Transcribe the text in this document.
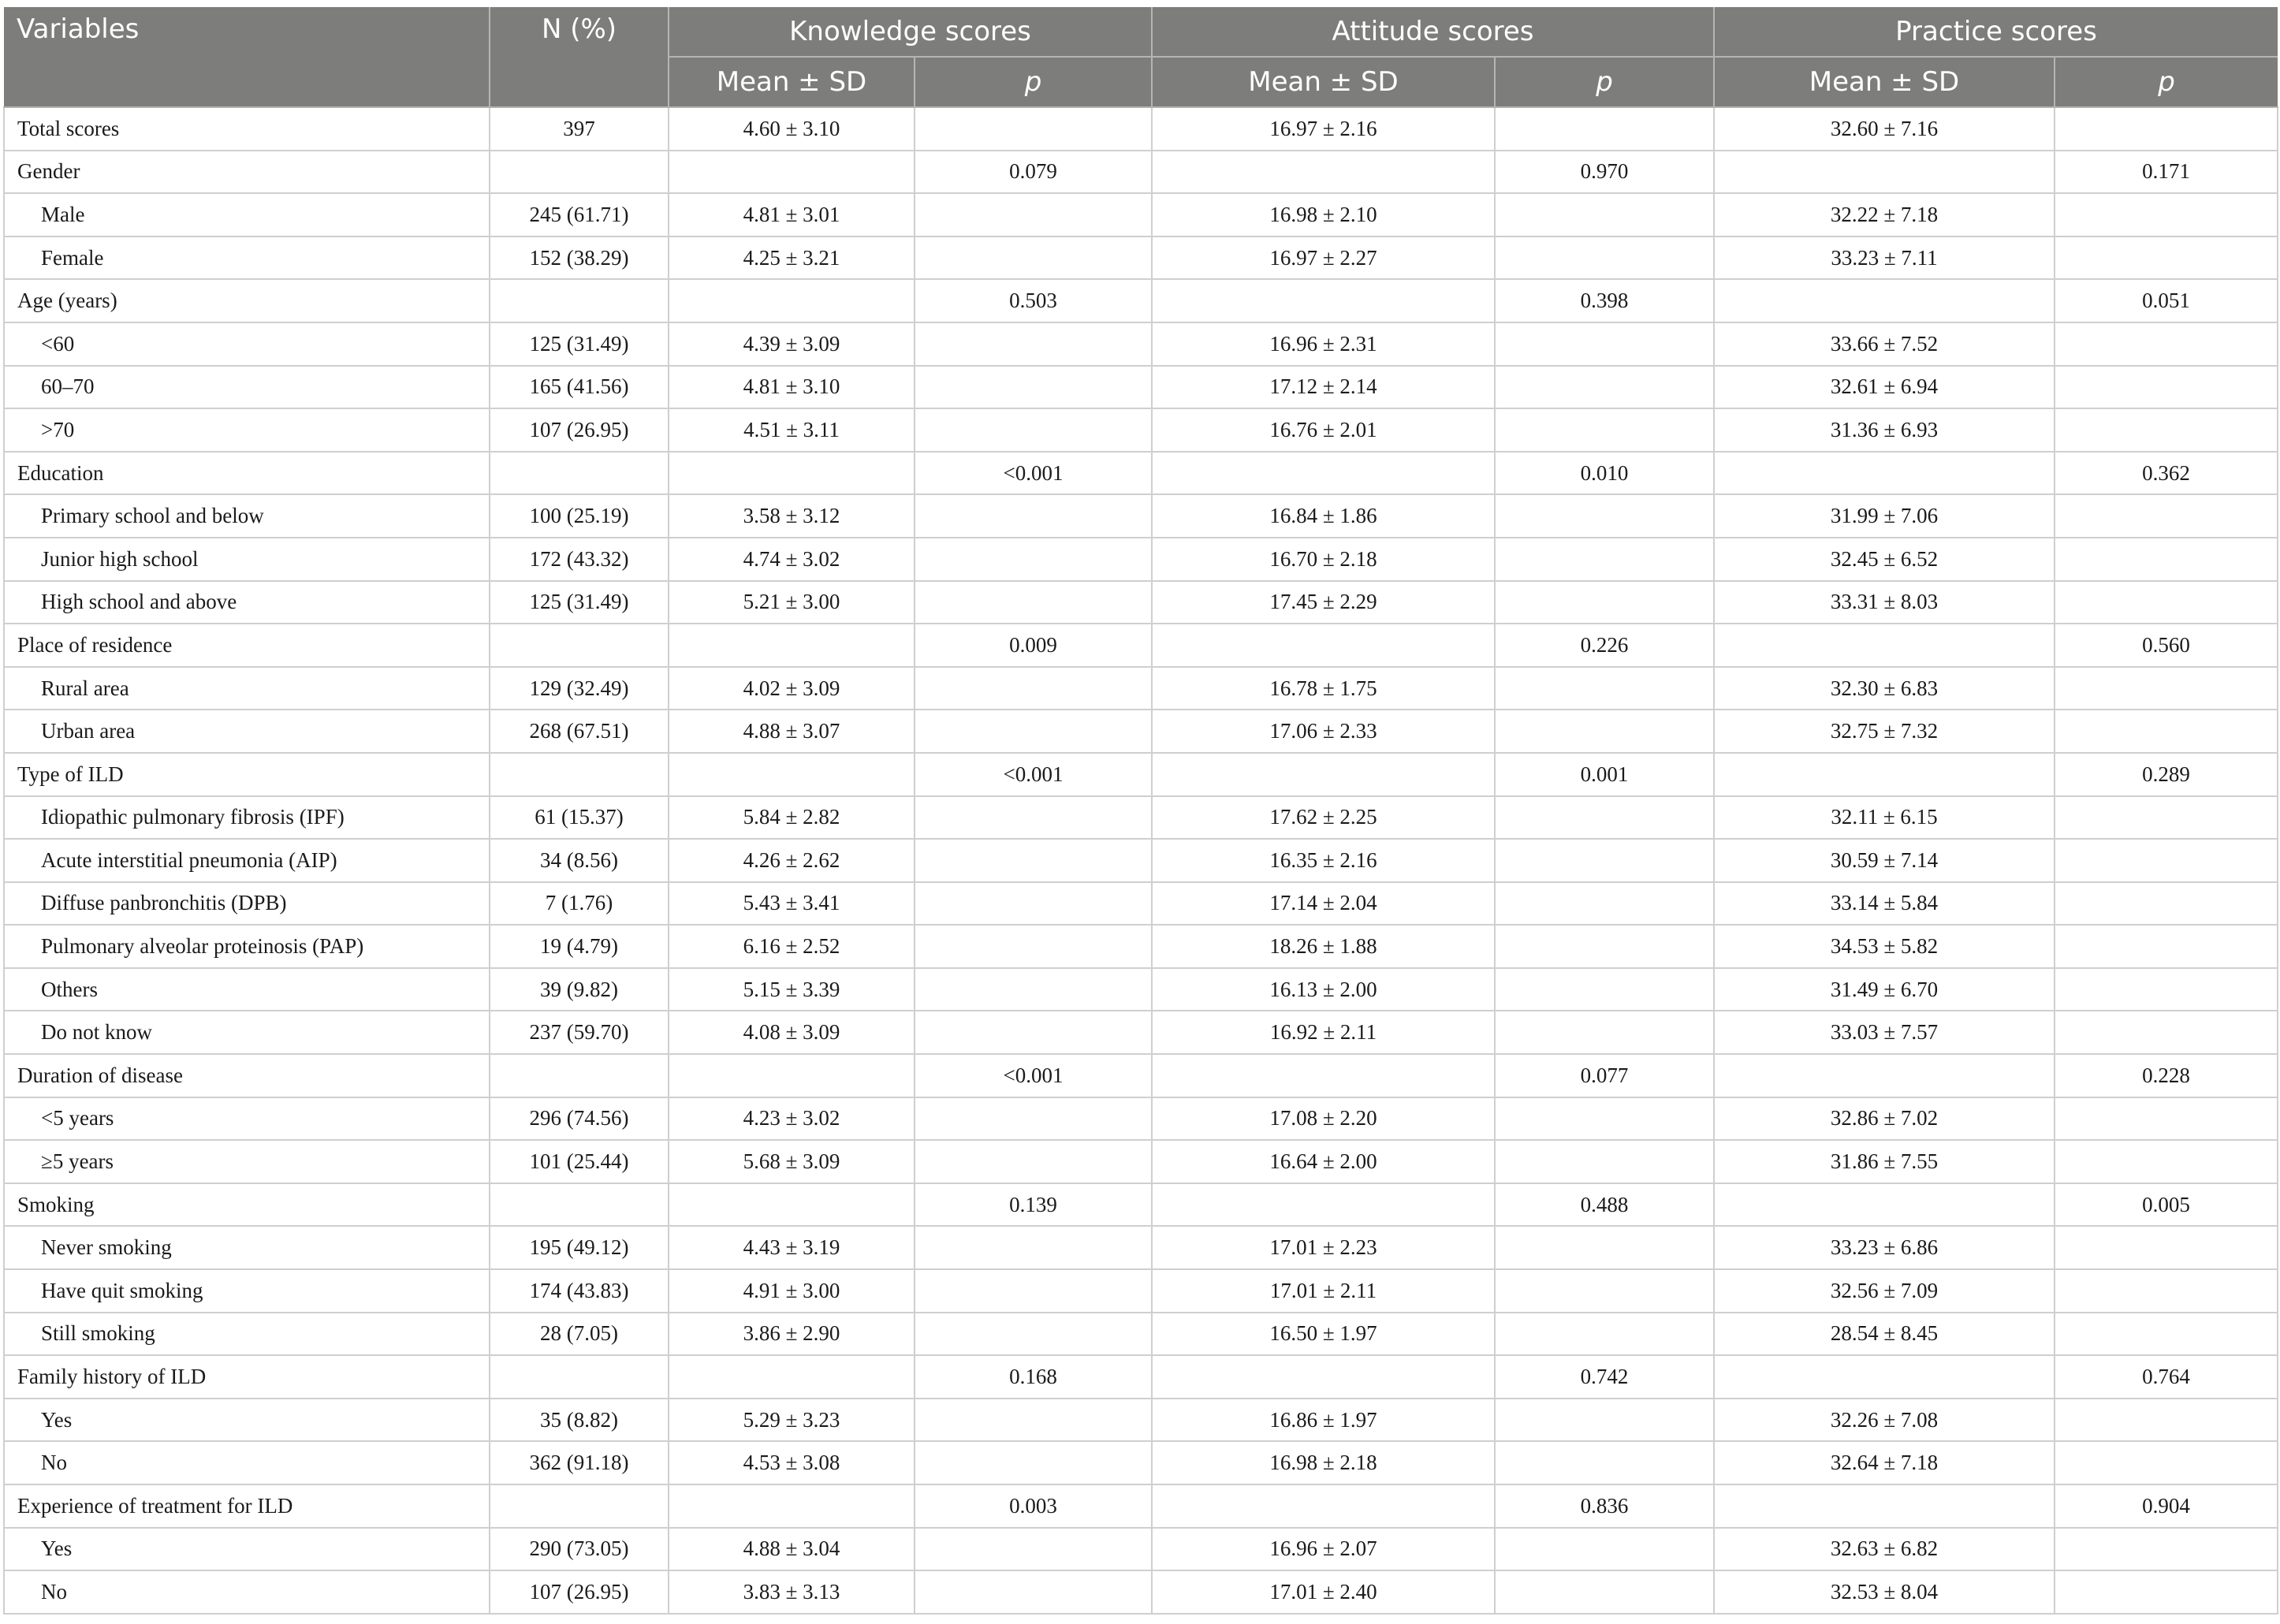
Variables	N (%)	Knowledge scores		Attitude scores		Practice scores	
		Mean ± SD	p	Mean ± SD	p	Mean ± SD	p
Total scores	397	4.60 ± 3.10		16.97 ± 2.16		32.60 ± 7.16	
Gender			0.079		0.970		0.171
Male	245 (61.71)	4.81 ± 3.01		16.98 ± 2.10		32.22 ± 7.18	
Female	152 (38.29)	4.25 ± 3.21		16.97 ± 2.27		33.23 ± 7.11	
Age (years)			0.503		0.398		0.051
<60	125 (31.49)	4.39 ± 3.09		16.96 ± 2.31		33.66 ± 7.52	
60–70	165 (41.56)	4.81 ± 3.10		17.12 ± 2.14		32.61 ± 6.94	
>70	107 (26.95)	4.51 ± 3.11		16.76 ± 2.01		31.36 ± 6.93	
Education			<0.001		0.010		0.362
Primary school and below	100 (25.19)	3.58 ± 3.12		16.84 ± 1.86		31.99 ± 7.06	
Junior high school	172 (43.32)	4.74 ± 3.02		16.70 ± 2.18		32.45 ± 6.52	
High school and above	125 (31.49)	5.21 ± 3.00		17.45 ± 2.29		33.31 ± 8.03	
Place of residence			0.009		0.226		0.560
Rural area	129 (32.49)	4.02 ± 3.09		16.78 ± 1.75		32.30 ± 6.83	
Urban area	268 (67.51)	4.88 ± 3.07		17.06 ± 2.33		32.75 ± 7.32	
Type of ILD			<0.001		0.001		0.289
Idiopathic pulmonary fibrosis (IPF)	61 (15.37)	5.84 ± 2.82		17.62 ± 2.25		32.11 ± 6.15	
Acute interstitial pneumonia (AIP)	34 (8.56)	4.26 ± 2.62		16.35 ± 2.16		30.59 ± 7.14	
Diffuse panbronchitis (DPB)	7 (1.76)	5.43 ± 3.41		17.14 ± 2.04		33.14 ± 5.84	
Pulmonary alveolar proteinosis (PAP)	19 (4.79)	6.16 ± 2.52		18.26 ± 1.88		34.53 ± 5.82	
Others	39 (9.82)	5.15 ± 3.39		16.13 ± 2.00		31.49 ± 6.70	
Do not know	237 (59.70)	4.08 ± 3.09		16.92 ± 2.11		33.03 ± 7.57	
Duration of disease			<0.001		0.077		0.228
<5 years	296 (74.56)	4.23 ± 3.02		17.08 ± 2.20		32.86 ± 7.02	
≥5 years	101 (25.44)	5.68 ± 3.09		16.64 ± 2.00		31.86 ± 7.55	
Smoking			0.139		0.488		0.005
Never smoking	195 (49.12)	4.43 ± 3.19		17.01 ± 2.23		33.23 ± 6.86	
Have quit smoking	174 (43.83)	4.91 ± 3.00		17.01 ± 2.11		32.56 ± 7.09	
Still smoking	28 (7.05)	3.86 ± 2.90		16.50 ± 1.97		28.54 ± 8.45	
Family history of ILD			0.168		0.742		0.764
Yes	35 (8.82)	5.29 ± 3.23		16.86 ± 1.97		32.26 ± 7.08	
No	362 (91.18)	4.53 ± 3.08		16.98 ± 2.18		32.64 ± 7.18	
Experience of treatment for ILD			0.003		0.836		0.904
Yes	290 (73.05)	4.88 ± 3.04		16.96 ± 2.07		32.63 ± 6.82	
No	107 (26.95)	3.83 ± 3.13		17.01 ± 2.40		32.53 ± 8.04	
